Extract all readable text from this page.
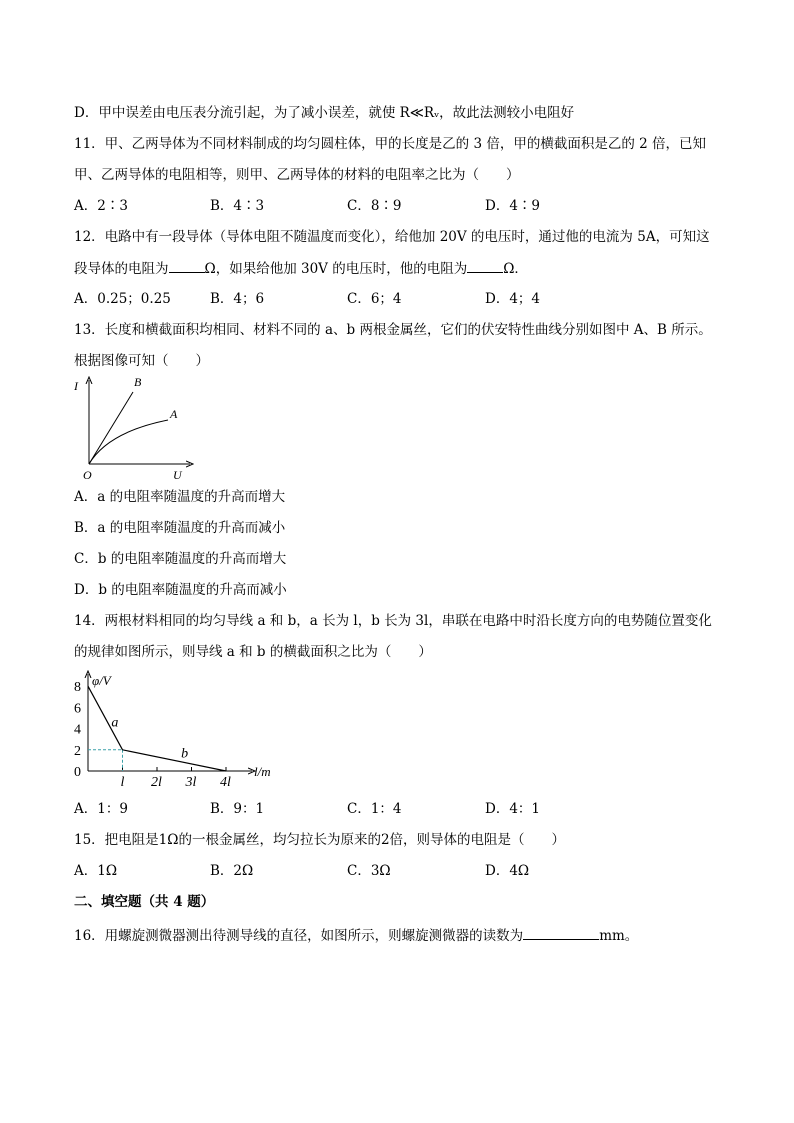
D．甲中误差由电压表分流引起，为了减小误差，就使 R≪Rᵥ，故此法测较小电阻好
11．甲、乙两导体为不同材料制成的均匀圆柱体，甲的长度是乙的 3 倍，甲的横截面积是乙的 2 倍，已知
甲、乙两导体的电阻相等，则甲、乙两导体的材料的电阻率之比为（　　）
A．2∶3	B．4∶3	C．8∶9	D．4∶9
12．电路中有一段导体（导体电阻不随温度而变化），给他加 20V 的电压时，通过他的电流为 5A，可知这
段导体的电阻为	Ω，如果给他加 30V 的电压时，他的电阻为	Ω．
A．0.25；0.25	B．4；6	C．6；4	D．4；4
13．长度和横截面积均相同、材料不同的 a、b 两根金属丝，它们的伏安特性曲线分别如图中 A、B 所示。
根据图像可知（　　）
I
U
O
B
A
A．a 的电阻率随温度的升高而增大
B．a 的电阻率随温度的升高而减小
C．b 的电阻率随温度的升高而增大
D．b 的电阻率随温度的升高而减小
14．两根材料相同的均匀导线 a 和 b，a 长为 l，b 长为 3l，串联在电路中时沿长度方向的电势随位置变化
的规律如图所示，则导线 a 和 b 的横截面积之比为（　　）
0
2
4
6
8
l 2l 3l 4l
a
b
φ/V
l/m
A．1：9	B．9：1	C．1：4	D．4：1
15．把电阻是1Ω的一根金属丝，均匀拉长为原来的2倍，则导体的电阻是（　　）
A．1Ω	B．2Ω	C．3Ω	D．4Ω
二、填空题（共 4 题）
16．用螺旋测微器测出待测导线的直径，如图所示，则螺旋测微器的读数为	mm。
